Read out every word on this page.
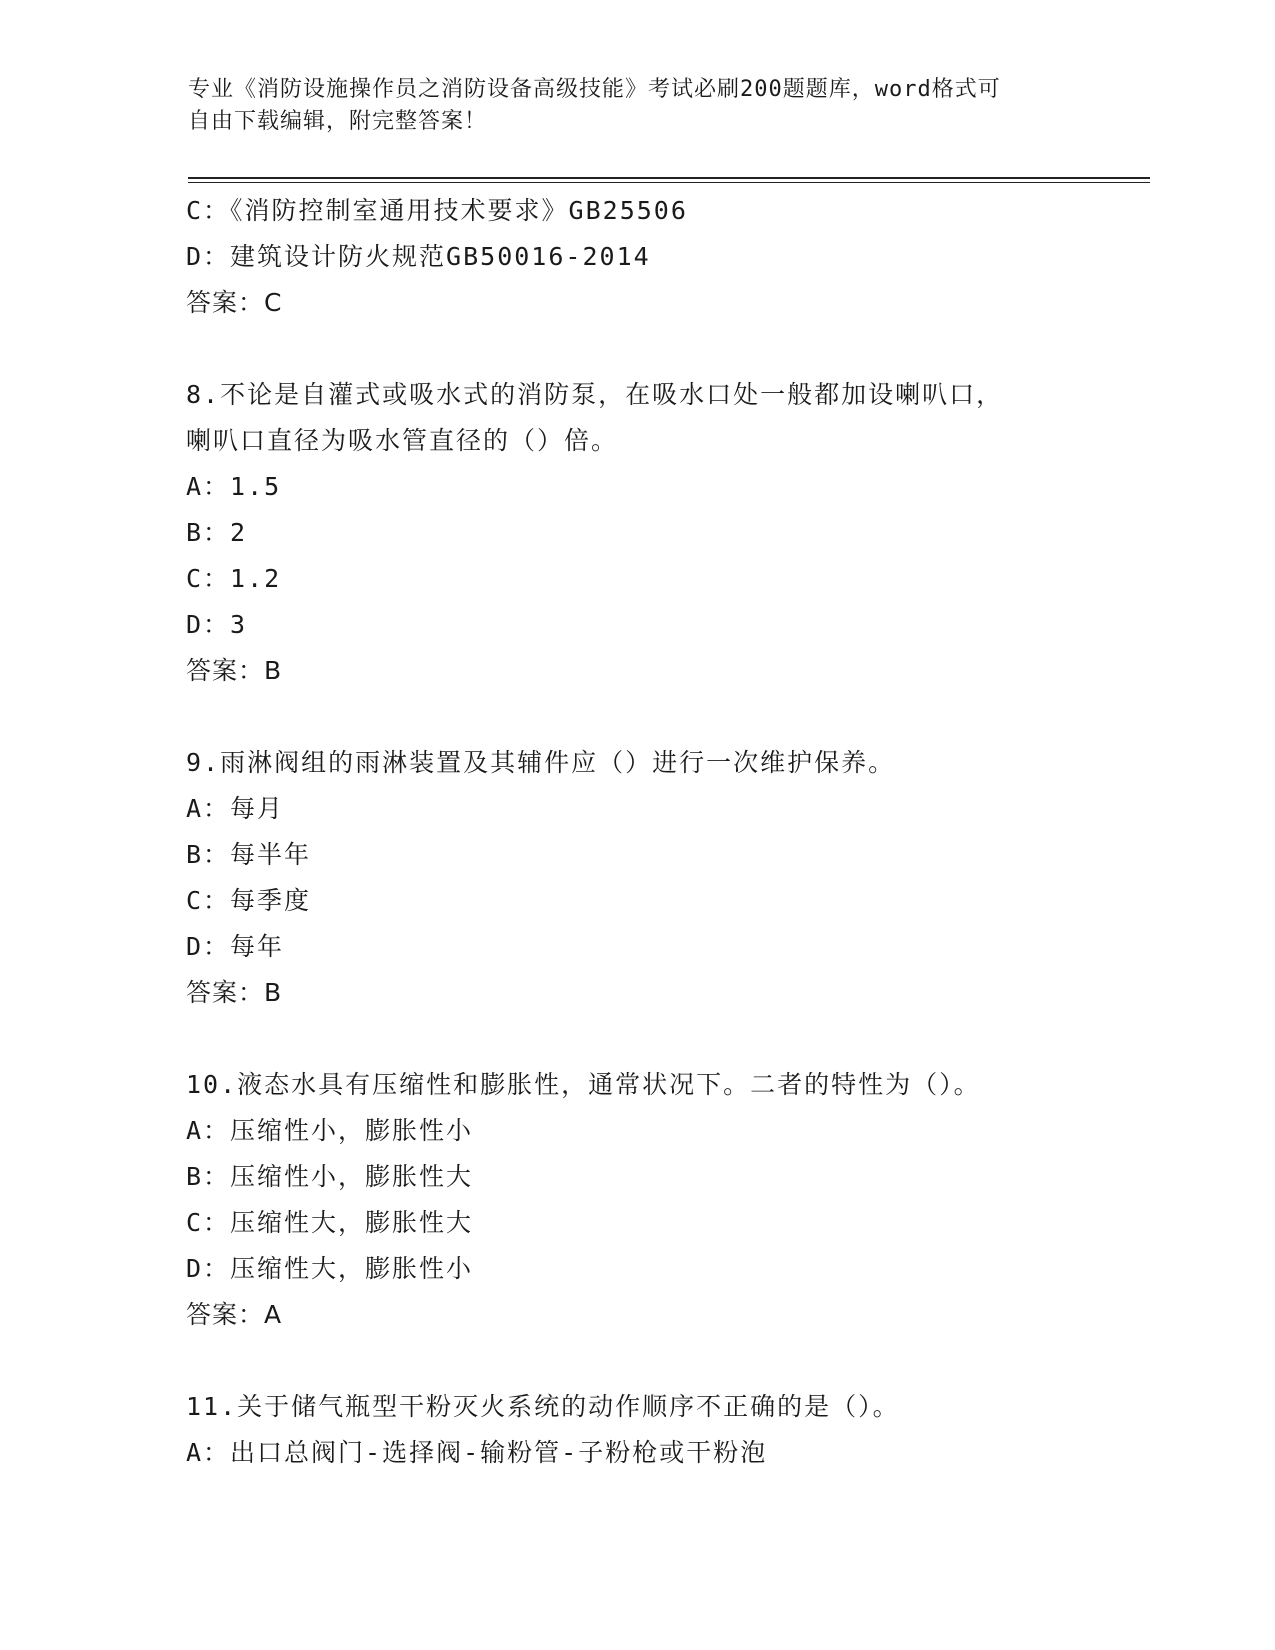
专业《消防设施操作员之消防设备高级技能》考试必刷200题题库，word格式可
自由下载编辑，附完整答案！
C：《消防控制室通用技术要求》GB25506
D：建筑设计防火规范GB50016-2014
答案：C
8.不论是自灌式或吸水式的消防泵，在吸水口处一般都加设喇叭口，
喇叭口直径为吸水管直径的（）倍。
A：1.5
B：2
C：1.2
D：3
答案：B
9.雨淋阀组的雨淋装置及其辅件应（）进行一次维护保养。
A：每月
B：每半年
C：每季度
D：每年
答案：B
10.液态水具有压缩性和膨胀性，通常状况下。二者的特性为（）。
A：压缩性小，膨胀性小
B：压缩性小，膨胀性大
C：压缩性大，膨胀性大
D：压缩性大，膨胀性小
答案：A
11.关于储气瓶型干粉灭火系统的动作顺序不正确的是（）。
A：出口总阀门-选择阀-输粉管-子粉枪或干粉泡
